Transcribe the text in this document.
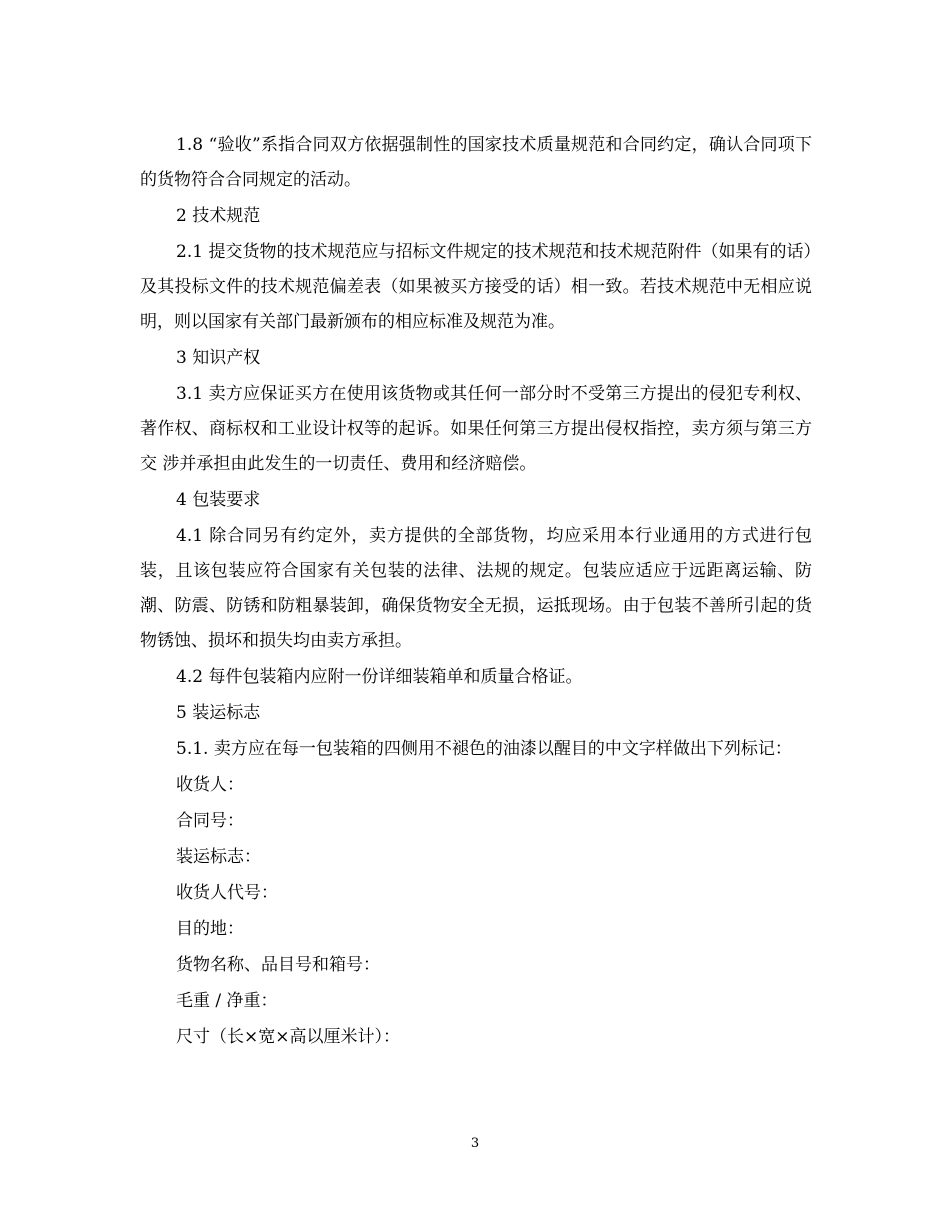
1.8 “验收”系指合同双方依据强制性的国家技术质量规范和合同约定，确认合同项下的货物符合合同规定的活动。

2 技术规范

2.1 提交货物的技术规范应与招标文件规定的技术规范和技术规范附件（如果有的话）及其投标文件的技术规范偏差表（如果被买方接受的话）相一致。若技术规范中无相应说明，则以国家有关部门最新颁布的相应标准及规范为准。

3 知识产权

3.1 卖方应保证买方在使用该货物或其任何一部分时不受第三方提出的侵犯专利权、 著作权、商标权和工业设计权等的起诉。如果任何第三方提出侵权指控，卖方须与第三方交 涉并承担由此发生的一切责任、费用和经济赔偿。

4 包装要求

4.1 除合同另有约定外，卖方提供的全部货物，均应采用本行业通用的方式进行包装，且该包装应符合国家有关包装的法律、法规的规定。包装应适应于远距离运输、防潮、防震、防锈和防粗暴装卸，确保货物安全无损，运抵现场。由于包装不善所引起的货物锈蚀、损坏和损失均由卖方承担。

4.2 每件包装箱内应附一份详细装箱单和质量合格证。

5 装运标志

5.1. 卖方应在每一包装箱的四侧用不褪色的油漆以醒目的中文字样做出下列标记：

收货人：

合同号：

装运标志：

收货人代号：

目的地：

货物名称、品目号和箱号：

毛重 / 净重：

尺寸（长×宽×高以厘米计）：

3
